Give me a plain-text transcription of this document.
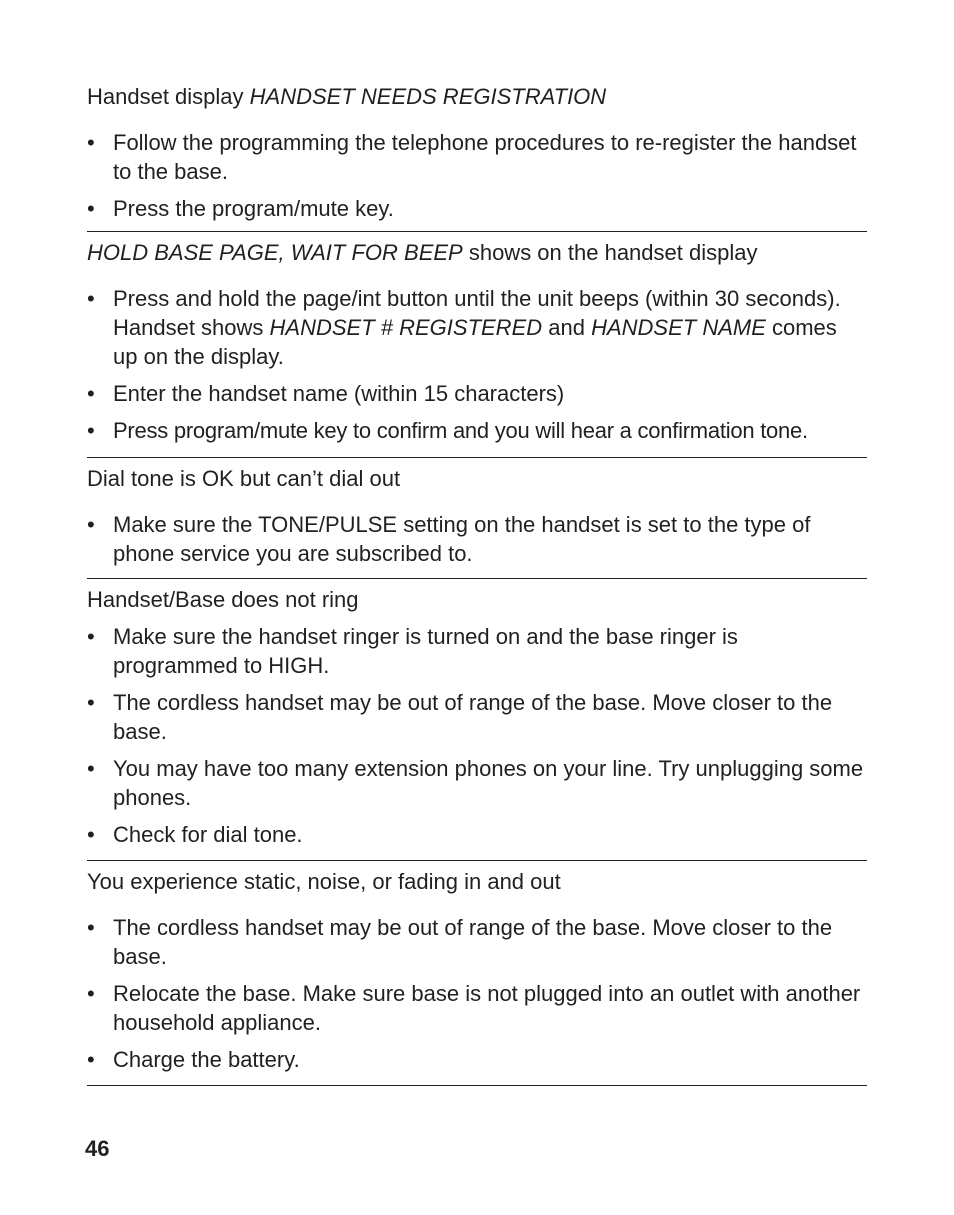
Handset display HANDSET NEEDS REGISTRATION

• Follow the programming the telephone procedures to re-register the handset to the base.
• Press the program/mute key.

HOLD BASE PAGE, WAIT FOR BEEP shows on the handset display

• Press and hold the page/int button until the unit beeps (within 30 seconds). Handset shows HANDSET # REGISTERED and HANDSET NAME comes up on the display.
• Enter the handset name (within 15 characters)
• Press program/mute key to confirm and you will hear a confirmation tone.

Dial tone is OK but can’t dial out

• Make sure the TONE/PULSE setting on the handset is set to the type of phone service you are subscribed to.

Handset/Base does not ring

• Make sure the handset ringer is turned on and the base ringer is programmed to HIGH.
• The cordless handset may be out of range of the base. Move closer to the base.
• You may have too many extension phones on your line. Try unplugging some phones.
• Check for dial tone.

You experience static, noise, or fading in and out

• The cordless handset may be out of range of the base. Move closer to the base.
• Relocate the base. Make sure base is not plugged into an outlet with another household appliance.
• Charge the battery.
46
